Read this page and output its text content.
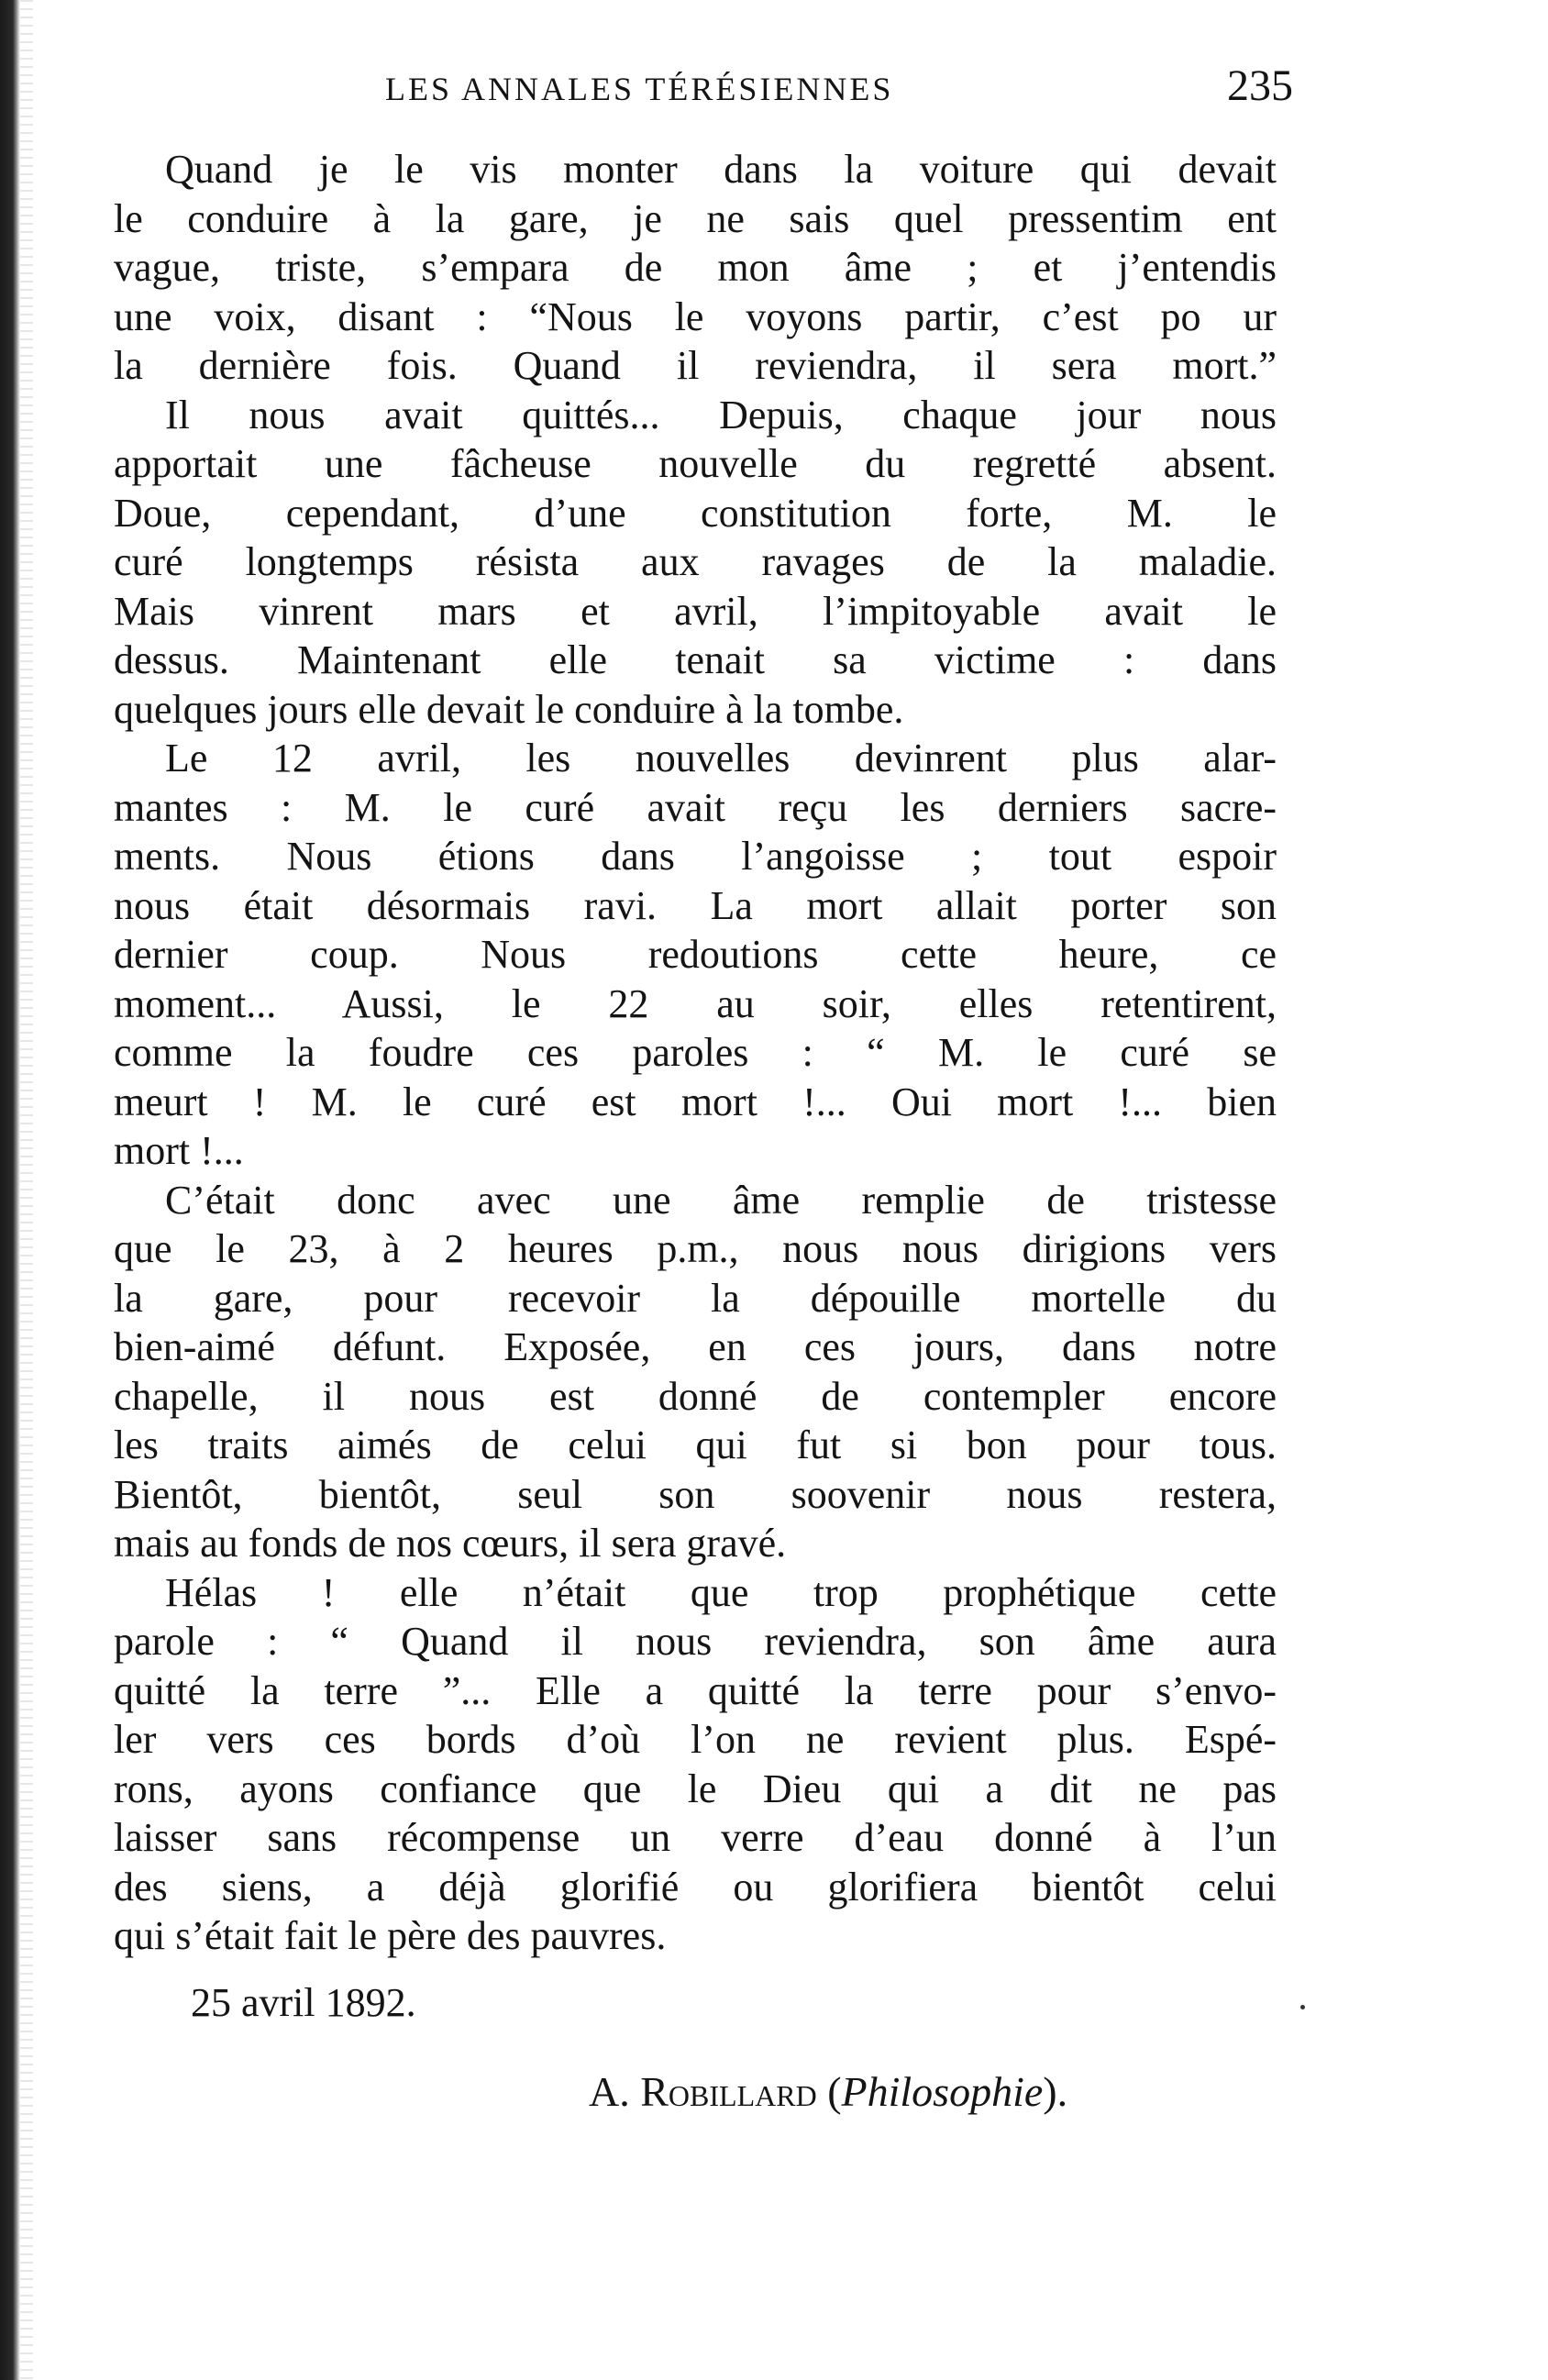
LES ANNALES TÉRÉSIENNES	235
Quand je le vis monter dans la voiture qui devait
le conduire à la gare, je ne sais quel pressentim ent
vague, triste, s’empara de mon âme ; et j’entendis
une voix, disant : “Nous le voyons partir, c’est po ur
la dernière fois. Quand il reviendra, il sera mort.”
Il nous avait quittés... Depuis, chaque jour nous
apportait une fâcheuse nouvelle du regretté absent.
Doue, cependant, d’une constitution forte, M. le
curé longtemps résista aux ravages de la maladie.
Mais vinrent mars et avril, l’impitoyable avait le
dessus. Maintenant elle tenait sa victime : dans
quelques jours elle devait le conduire à la tombe.
Le 12 avril, les nouvelles devinrent plus alar-
mantes : M. le curé avait reçu les derniers sacre-
ments. Nous étions dans l’angoisse ; tout espoir
nous était désormais ravi. La mort allait porter son
dernier coup. Nous redoutions cette heure, ce
moment... Aussi, le 22 au soir, elles retentirent,
comme la foudre ces paroles : “ M. le curé se
meurt ! M. le curé est mort !... Oui mort !... bien
mort !...
C’était donc avec une âme remplie de tristesse
que le 23, à 2 heures p.m., nous nous dirigions vers
la gare, pour recevoir la dépouille mortelle du
bien-aimé défunt. Exposée, en ces jours, dans notre
chapelle, il nous est donné de contempler encore
les traits aimés de celui qui fut si bon pour tous.
Bientôt, bientôt, seul son soovenir nous restera,
mais au fonds de nos cœurs, il sera gravé.
Hélas ! elle n’était que trop prophétique cette
parole : “ Quand il nous reviendra, son âme aura
quitté la terre ”... Elle a quitté la terre pour s’envo-
ler vers ces bords d’où l’on ne revient plus. Espé-
rons, ayons confiance que le Dieu qui a dit ne pas
laisser sans récompense un verre d’eau donné à l’un
des siens, a déjà glorifié ou glorifiera bientôt celui
qui s’était fait le père des pauvres.
25 avril 1892.
A. Robillard (Philosophie).
